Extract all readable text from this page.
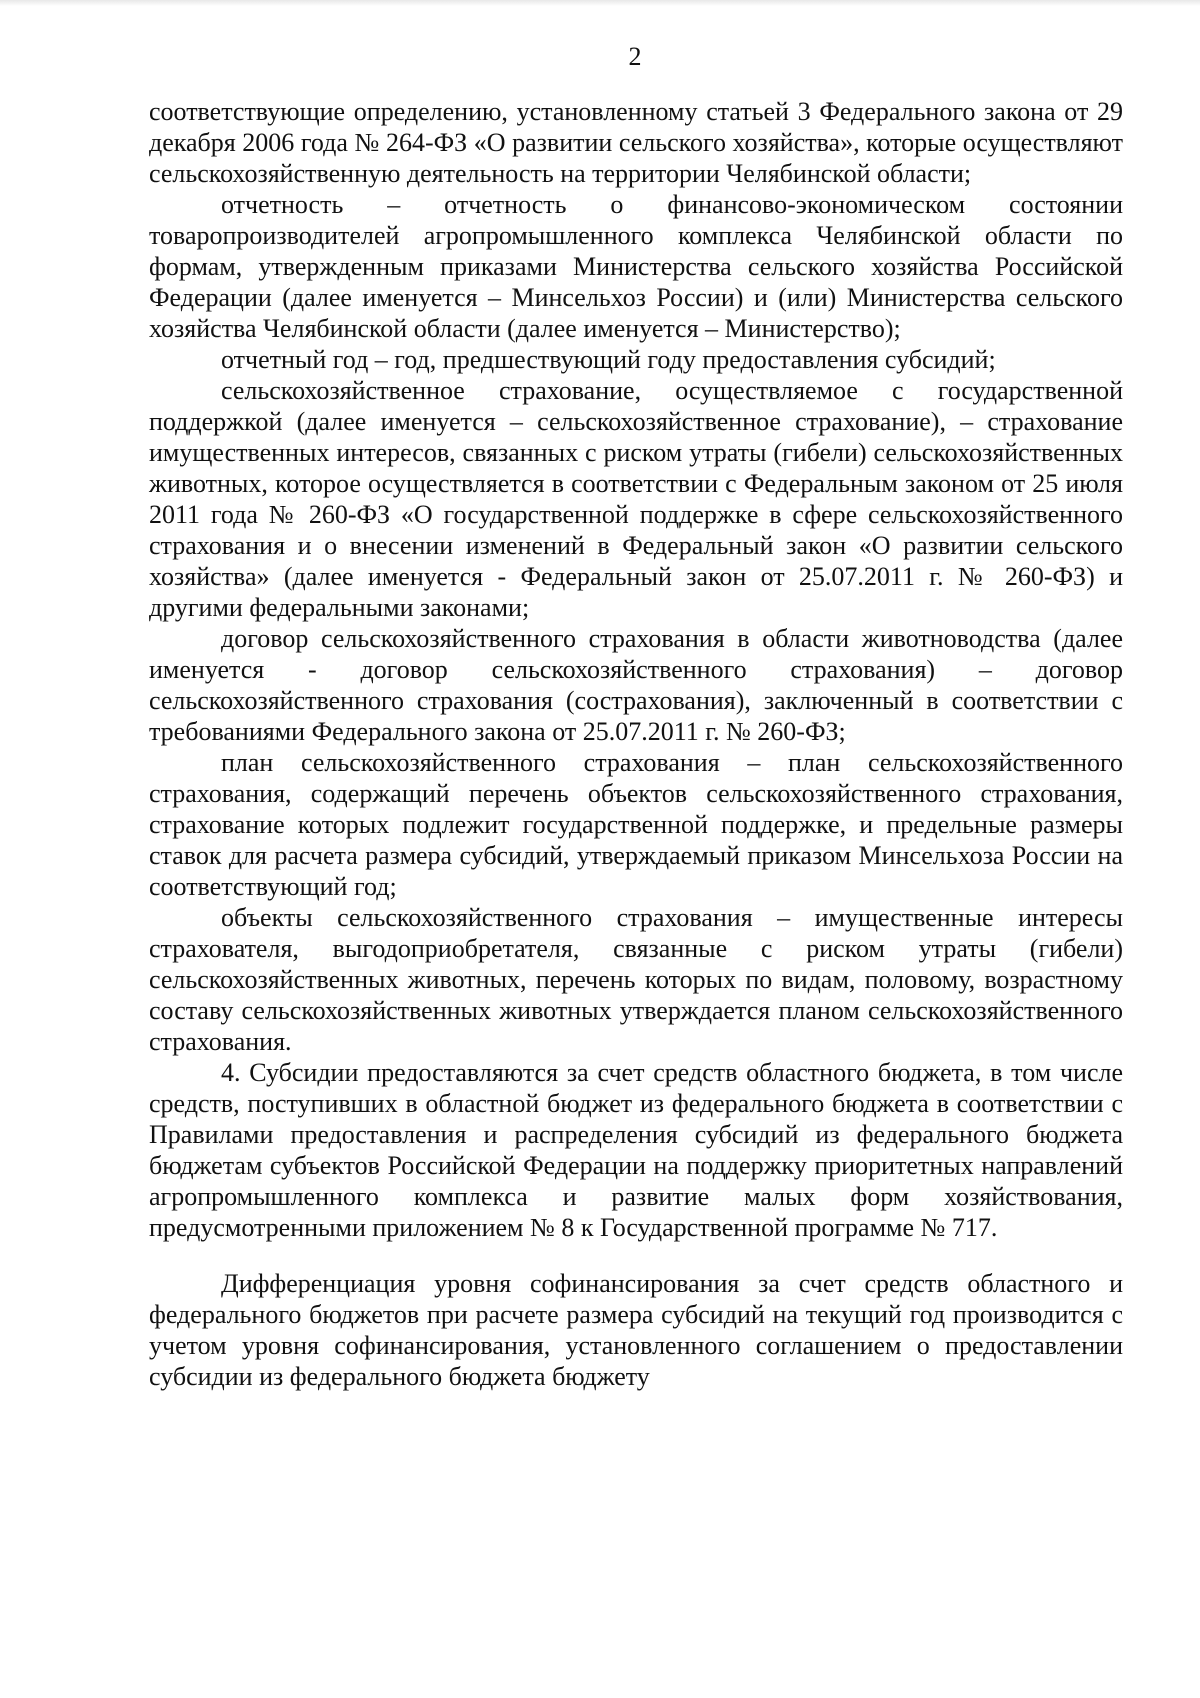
2

соответствующие определению, установленному статьей 3 Федерального закона от 29 декабря 2006 года № 264-ФЗ «О развитии сельского хозяйства», которые осуществляют сельскохозяйственную деятельность на территории Челябинской области;

отчетность – отчетность о финансово-экономическом состоянии товаропроизводителей агропромышленного комплекса Челябинской области по формам, утвержденным приказами Министерства сельского хозяйства Российской Федерации (далее именуется – Минсельхоз России) и (или) Министерства сельского хозяйства Челябинской области (далее именуется – Министерство);

отчетный год – год, предшествующий году предоставления субсидий;

сельскохозяйственное страхование, осуществляемое с государственной поддержкой (далее именуется – сельскохозяйственное страхование), – страхование имущественных интересов, связанных с риском утраты (гибели) сельскохозяйственных животных, которое осуществляется в соответствии с Федеральным законом от 25 июля 2011 года № 260-ФЗ «О государственной поддержке в сфере сельскохозяйственного страхования и о внесении изменений в Федеральный закон «О развитии сельского хозяйства» (далее именуется - Федеральный закон от 25.07.2011 г. № 260-ФЗ) и другими федеральными законами;

договор сельскохозяйственного страхования в области животноводства (далее именуется - договор сельскохозяйственного страхования) – договор сельскохозяйственного страхования (сострахования), заключенный в соответствии с требованиями Федерального закона от 25.07.2011 г. № 260-ФЗ;

план сельскохозяйственного страхования – план сельскохозяйственного страхования, содержащий перечень объектов сельскохозяйственного страхования, страхование которых подлежит государственной поддержке, и предельные размеры ставок для расчета размера субсидий, утверждаемый приказом Минсельхоза России на соответствующий год;

объекты сельскохозяйственного страхования – имущественные интересы страхователя, выгодоприобретателя, связанные с риском утраты (гибели) сельскохозяйственных животных, перечень которых по видам, половому, возрастному составу сельскохозяйственных животных утверждается планом сельскохозяйственного страхования.

4. Субсидии предоставляются за счет средств областного бюджета, в том числе средств, поступивших в областной бюджет из федерального бюджета в соответствии с Правилами предоставления и распределения субсидий из федерального бюджета бюджетам субъектов Российской Федерации на поддержку приоритетных направлений агропромышленного комплекса и развитие малых форм хозяйствования, предусмотренными приложением № 8 к Государственной программе № 717.

Дифференциация уровня софинансирования за счет средств областного и федерального бюджетов при расчете размера субсидий на текущий год производится с учетом уровня софинансирования, установленного соглашением о предоставлении субсидии из федерального бюджета бюджету
